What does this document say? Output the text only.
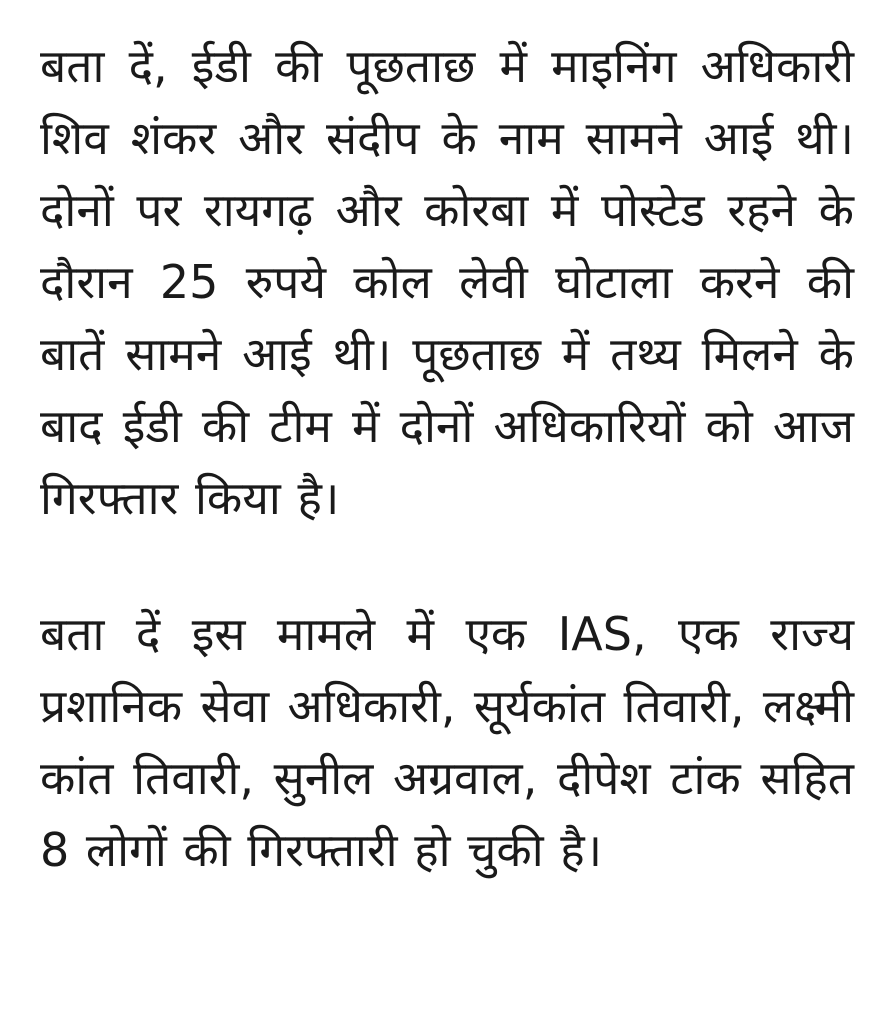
बता दें, ईडी की पूछताछ में माइनिंग अधिकारी शिव शंकर और संदीप के नाम सामने आई थी। दोनों पर रायगढ़ और कोरबा में पोस्टेड रहने के दौरान 25 रुपये कोल लेवी घोटाला करने की बातें सामने आई थी। पूछताछ में तथ्य मिलने के बाद ईडी की टीम में दोनों अधिकारियों को आज गिरफ्तार किया है।

बता दें इस मामले में एक IAS, एक राज्य प्रशानिक सेवा अधिकारी, सूर्यकांत तिवारी, लक्ष्मी कांत तिवारी, सुनील अग्रवाल, दीपेश टांक सहित 8 लोगों की गिरफ्तारी हो चुकी है।
